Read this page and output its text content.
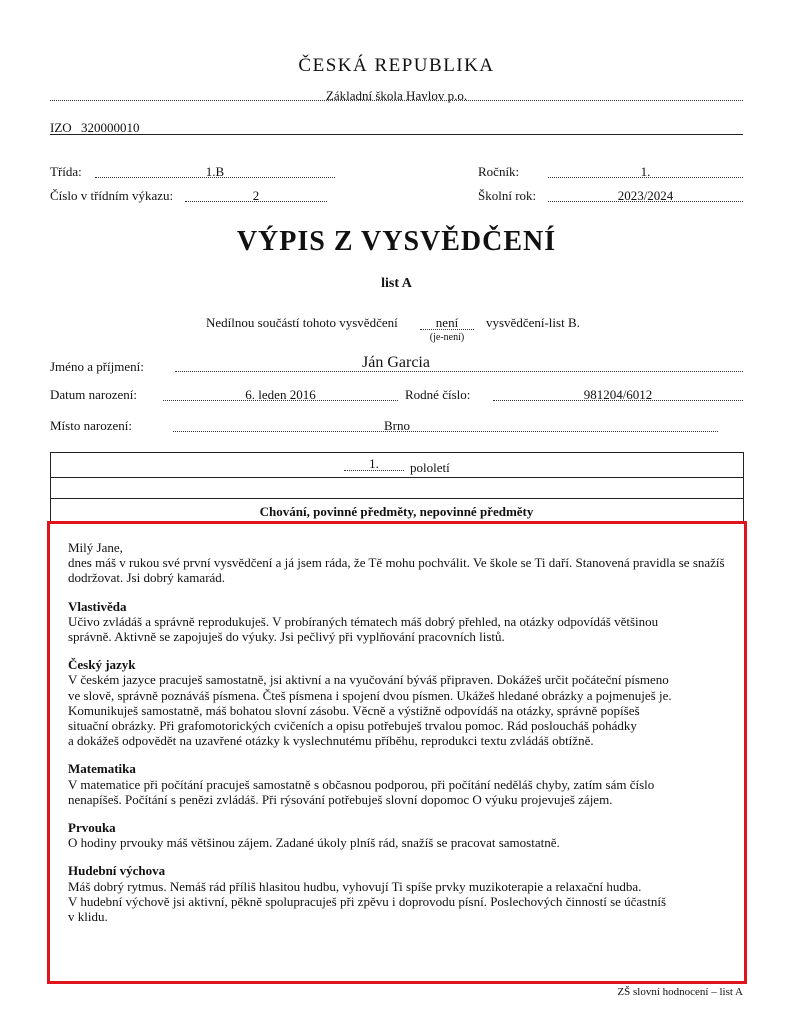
ČESKÁ REPUBLIKA
Základní škola Havlov p.o.
IZO 320000010
Třída:	1.B	Ročník:	1.
Číslo v třídním výkazu:	2	Školní rok:	2023/2024
VÝPIS Z VYSVĚDČENÍ
list A
Nedílnou součástí tohoto vysvědčení	není
(je-není)
vysvědčení-list B.
Jméno a příjmení:	Ján Garcia
Datum narození:	6. leden 2016	Rodné číslo:	981204/6012
Místo narození:	Brno
1.	pololetí
Chování, povinné předměty, nepovinné předměty

Milý Jane,

dnes máš v rukou své první vysvědčení a já jsem ráda, že Tě mohu pochválit. Ve škole se Ti daří. Stanovená pravidla se snažíš dodržovat. Jsi dobrý kamarád.

Vlastivěda

Učivo zvládáš a správně reprodukuješ. V probíraných tématech máš dobrý přehled, na otázky odpovídáš většinou

správně. Aktivně se zapojuješ do výuky. Jsi pečlivý při vyplňování pracovních listů.

Český jazyk

V českém jazyce pracuješ samostatně, jsi aktivní a na vyučování býváš připraven. Dokážeš určit počáteční písmeno

ve slově, správně poznáváš písmena. Čteš písmena i spojení dvou písmen. Ukážeš hledané obrázky a pojmenuješ je.

Komunikuješ samostatně, máš bohatou slovní zásobu. Věcně a výstižně odpovídáš na otázky, správně popíšeš

situační obrázky. Při grafomotorických cvičeních a opisu potřebuješ trvalou pomoc. Rád posloucháš pohádky

a dokážeš odpovědět na uzavřené otázky k vyslechnutému příběhu, reprodukci textu zvládáš obtížně.

Matematika

V matematice při počítání pracuješ samostatně s občasnou podporou, při počítání neděláš chyby, zatím sám číslo

nenapíšeš. Počítání s penězi zvládáš. Při rýsování potřebuješ slovní dopomoc O výuku projevuješ zájem.

Prvouka

O hodiny prvouky máš většinou zájem. Zadané úkoly plníš rád, snažíš se pracovat samostatně.

Hudební výchova

Máš dobrý rytmus. Nemáš rád příliš hlasitou hudbu, vyhovují Ti spíše prvky muzikoterapie a relaxační hudba.

V hudební výchově jsi aktivní, pěkně spolupracuješ při zpěvu i doprovodu písní. Poslechových činností se účastníš

v klidu.

ZŠ slovní hodnocení – list A
